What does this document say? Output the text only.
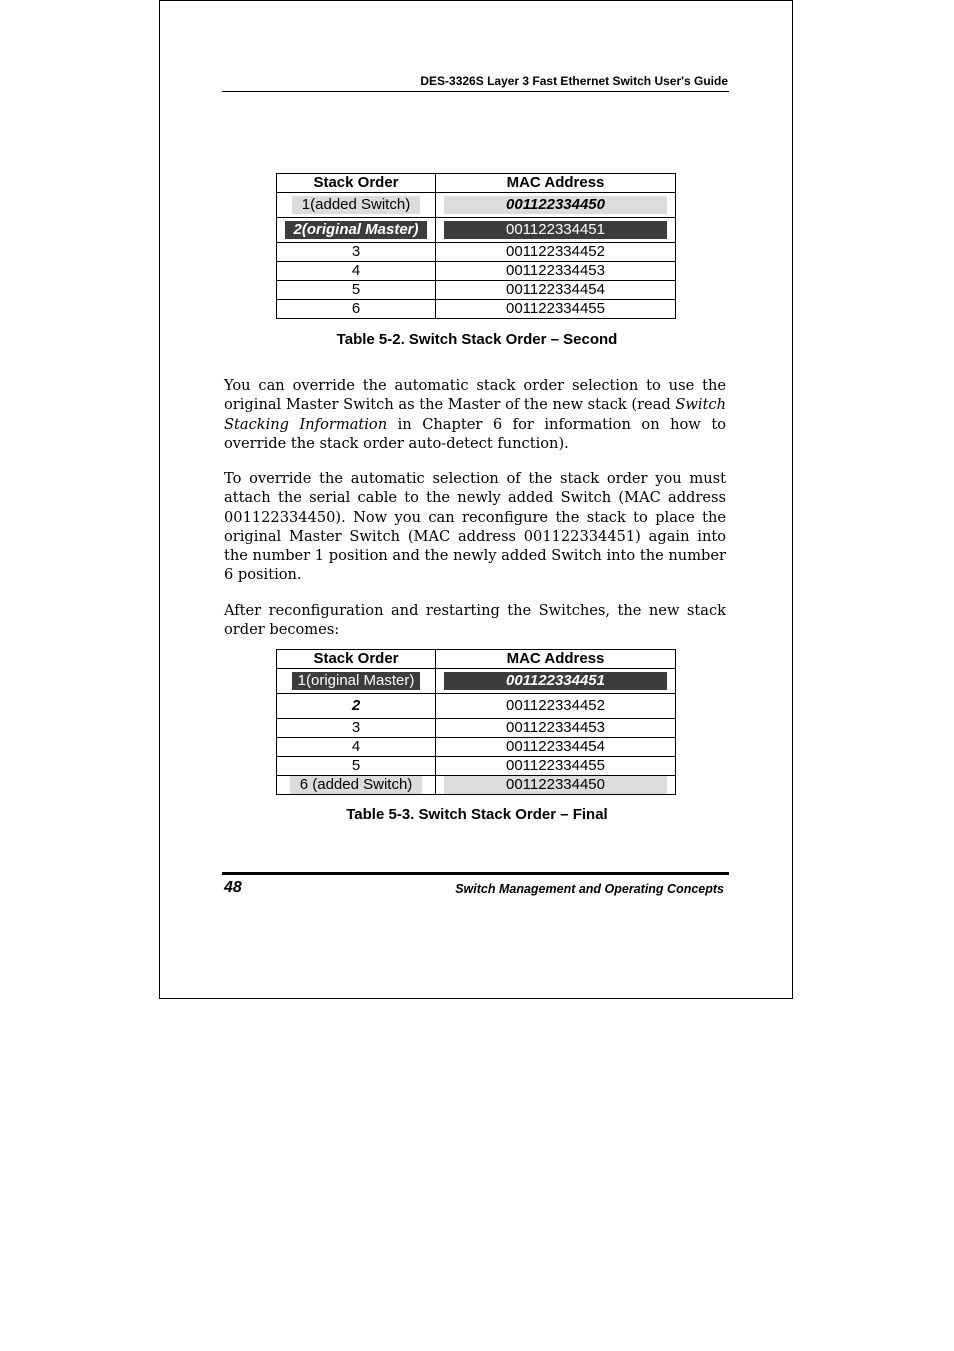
DES-3326S Layer 3 Fast Ethernet Switch User's Guide
Stack Order	MAC Address
1(added Switch)	001122334450

2(original Master)	001122334451

3	001122334452
4	001122334453
5	001122334454
6	001122334455
Table 5-2. Switch Stack Order – Second
You can override the automatic stack order selection to use the original Master Switch as the Master of the new stack (read Switch Stacking Information in Chapter 6 for information on how to override the stack order auto-detect function).
To override the automatic selection of the stack order you must attach the serial cable to the newly added Switch (MAC address 001122334450). Now you can reconfigure the stack to place the original Master Switch (MAC address 001122334451) again into the number 1 position and the newly added Switch into the number 6 position.
After reconfiguration and restarting the Switches, the new stack order becomes:
Stack Order	MAC Address
1(original Master)	001122334451

2	001122334452
3	001122334453
4	001122334454
5	001122334455
6 (added Switch)	001122334450
Table 5-3. Switch Stack Order – Final
48	Switch Management and Operating Concepts
